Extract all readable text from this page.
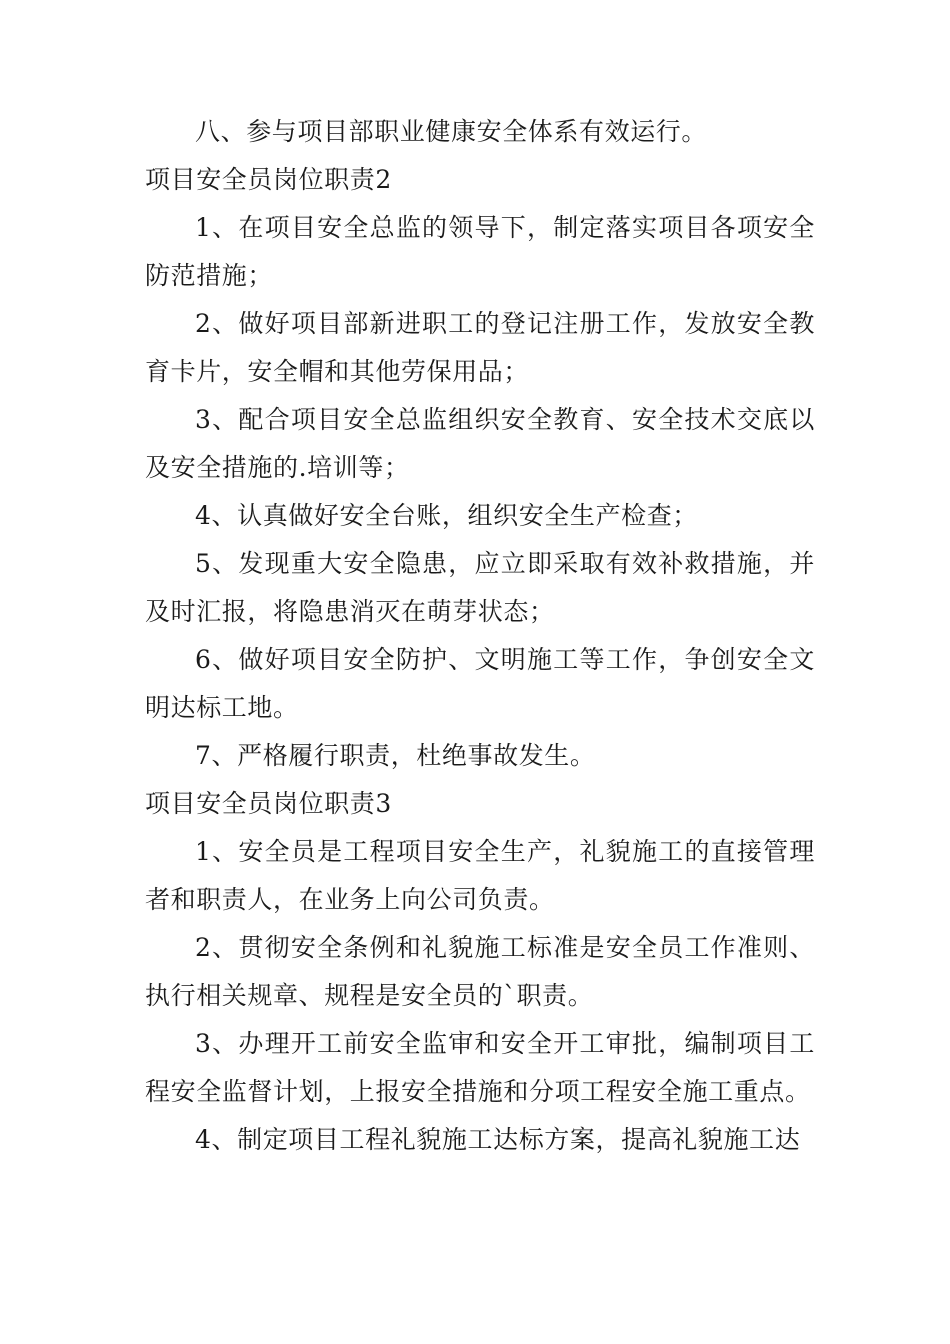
八、参与项目部职业健康安全体系有效运行。

项目安全员岗位职责2

1、在项目安全总监的领导下，制定落实项目各项安全防范措施；

2、做好项目部新进职工的登记注册工作，发放安全教育卡片，安全帽和其他劳保用品；

3、配合项目安全总监组织安全教育、安全技术交底以及安全措施的.培训等；

4、认真做好安全台账，组织安全生产检查；

5、发现重大安全隐患，应立即采取有效补救措施，并及时汇报，将隐患消灭在萌芽状态；

6、做好项目安全防护、文明施工等工作，争创安全文明达标工地。

7、严格履行职责，杜绝事故发生。

项目安全员岗位职责3

1、安全员是工程项目安全生产，礼貌施工的直接管理者和职责人，在业务上向公司负责。

2、贯彻安全条例和礼貌施工标准是安全员工作准则、执行相关规章、规程是安全员的`职责。

3、办理开工前安全监审和安全开工审批，编制项目工程安全监督计划，上报安全措施和分项工程安全施工重点。

4、制定项目工程礼貌施工达标方案，提高礼貌施工达
